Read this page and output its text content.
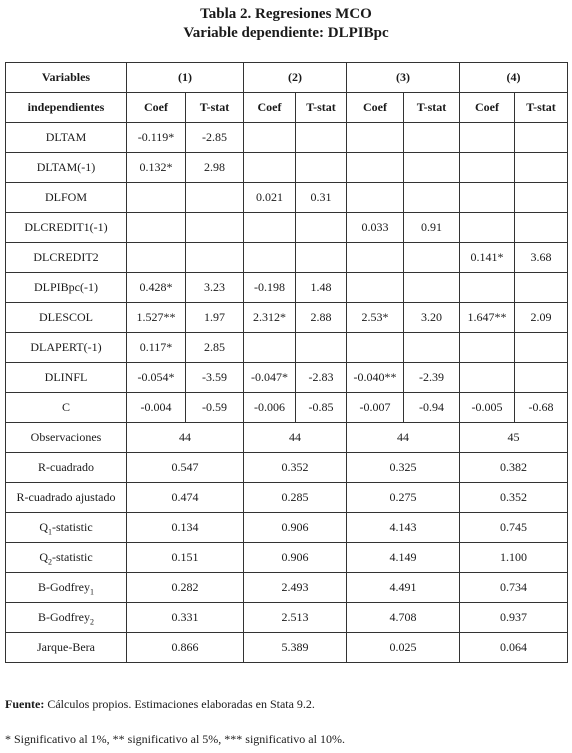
Tabla 2. Regresiones MCO
Variable dependiente: DLPIBpc
Variables	(1)		(2)		(3)		(4)	
independientes	Coef	T-stat	Coef	T-stat	Coef	T-stat	Coef	T-stat
DLTAM	-0.119*	-2.85						
DLTAM(-1)	0.132*	2.98						
DLFOM			0.021	0.31				
DLCREDIT1(-1)					0.033	0.91		
DLCREDIT2							0.141*	3.68
DLPIBpc(-1)	0.428*	3.23	-0.198	1.48				
DLESCOL	1.527**	1.97	2.312*	2.88	2.53*	3.20	1.647**	2.09
DLAPERT(-1)	0.117*	2.85						
DLINFL	-0.054*	-3.59	-0.047*	-2.83	-0.040**	-2.39		
C	-0.004	-0.59	-0.006	-0.85	-0.007	-0.94	-0.005	-0.68
Observaciones	44		44		44		45	
R-cuadrado	0.547		0.352		0.325		0.382	
R-cuadrado ajustado	0.474		0.285		0.275		0.352	
$Q_1$-statistic	0.134		0.906		4.143		0.745	
$Q_2$-statistic	0.151		0.906		4.149		1.100	
B-Godfrey$_1$	0.282		2.493		4.491		0.734	
B-Godfrey$_2$	0.331		2.513		4.708		0.937	
Jarque-Bera	0.866		5.389		0.025		0.064	
Fuente: Cálculos propios. Estimaciones elaboradas en Stata 9.2.
* Significativo al 1%, ** significativo al 5%, *** significativo al 10%.
